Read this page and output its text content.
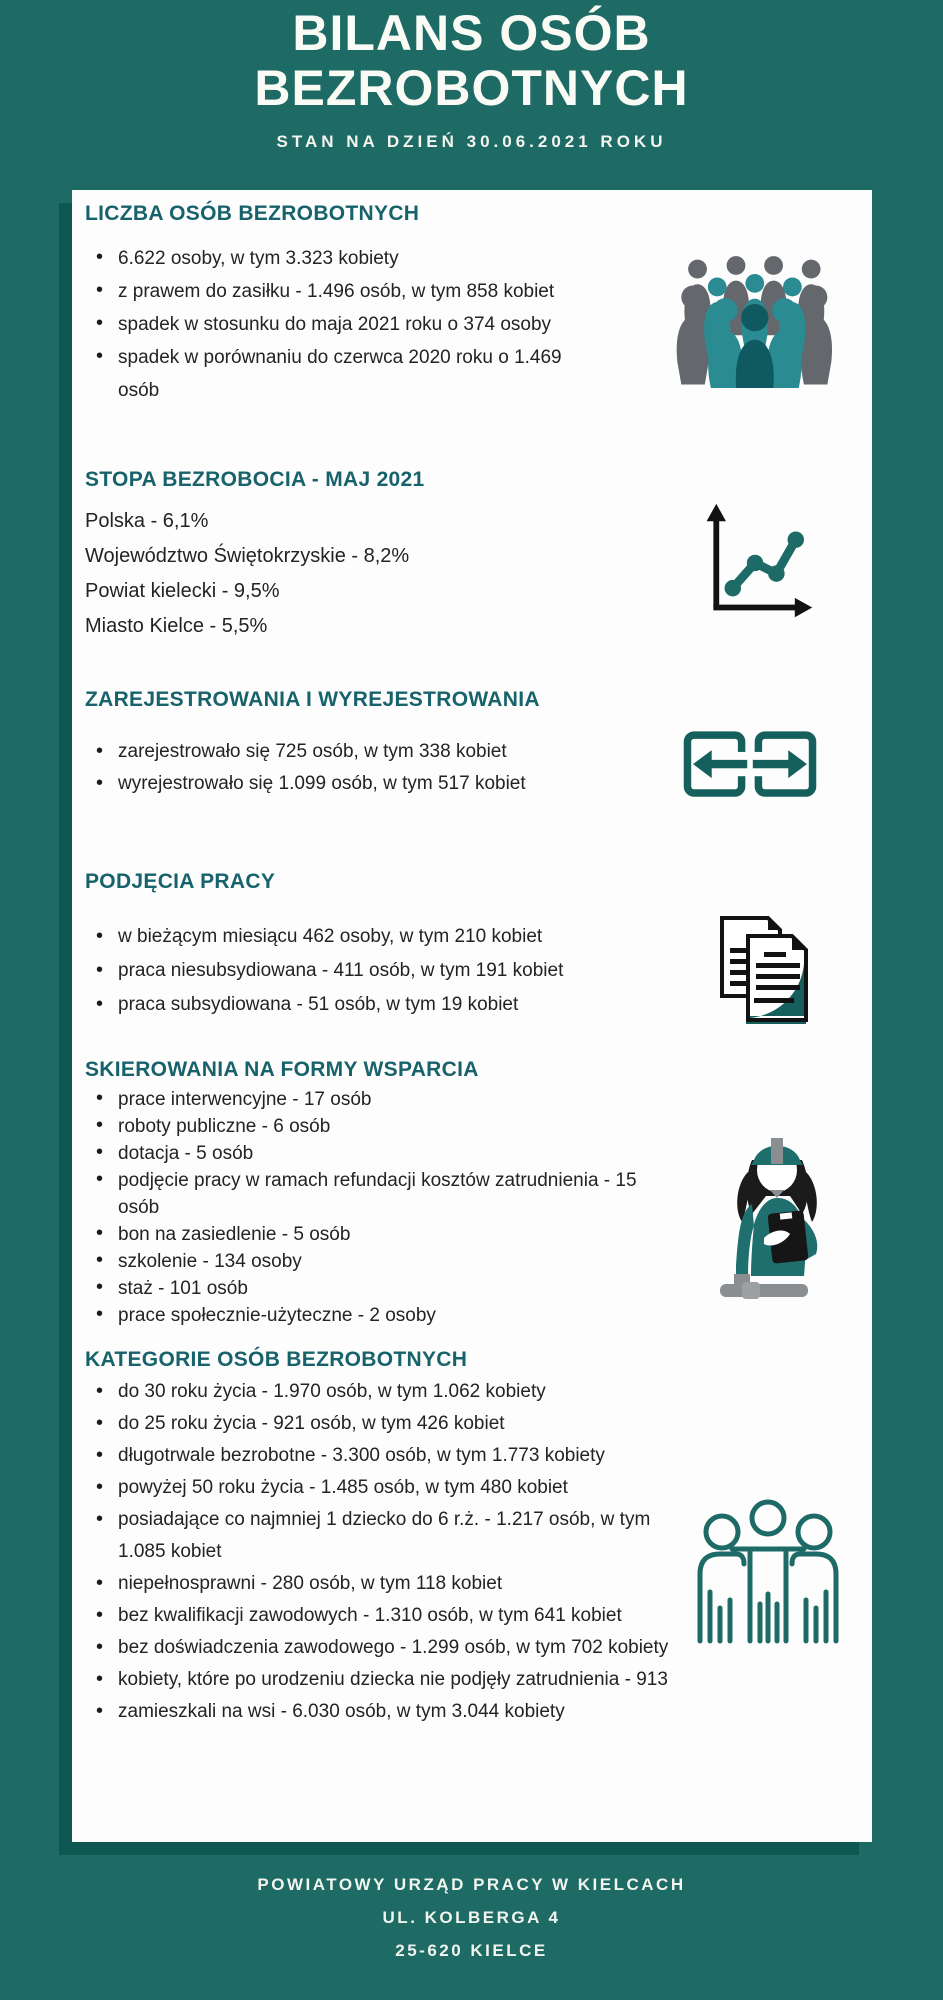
BILANS OSÓB
BEZROBOTNYCH
STAN NA DZIEŃ 30.06.2021 ROKU
LICZBA OSÓB BEZROBOTNYCH
• 6.622 osoby, w tym 3.323 kobiety
• z prawem do zasiłku - 1.496 osób, w tym 858 kobiet
• spadek w stosunku do maja 2021 roku o 374 osoby
• spadek w porównaniu do czerwca 2020 roku o 1.469 osób
STOPA BEZROBOCIA - MAJ 2021
Polska - 6,1%
Województwo Świętokrzyskie - 8,2%
Powiat kielecki - 9,5%
Miasto Kielce - 5,5%
ZAREJESTROWANIA I WYREJESTROWANIA
• zarejestrowało się 725 osób, w tym 338 kobiet
• wyrejestrowało się 1.099 osób, w tym 517 kobiet
PODJĘCIA PRACY
• w bieżącym miesiącu 462 osoby, w tym 210 kobiet
• praca niesubsydiowana - 411 osób, w tym 191 kobiet
• praca subsydiowana - 51 osób, w tym 19 kobiet
SKIEROWANIA NA FORMY WSPARCIA
• prace interwencyjne - 17 osób
• roboty publiczne - 6 osób
• dotacja - 5 osób
• podjęcie pracy w ramach refundacji kosztów zatrudnienia - 15 osób
• bon na zasiedlenie - 5 osób
• szkolenie - 134 osoby
• staż - 101 osób
• prace społecznie-użyteczne - 2 osoby
KATEGORIE OSÓB BEZROBOTNYCH
• do 30 roku życia - 1.970 osób, w tym 1.062 kobiety
• do 25 roku życia - 921 osób, w tym 426 kobiet
• długotrwale bezrobotne - 3.300 osób, w tym 1.773 kobiety
• powyżej 50 roku życia - 1.485 osób, w tym 480 kobiet
• posiadające co najmniej 1 dziecko do 6 r.ż. - 1.217 osób, w tym 1.085 kobiet
• niepełnosprawni - 280 osób, w tym 118 kobiet
• bez kwalifikacji zawodowych - 1.310 osób, w tym 641 kobiet
• bez doświadczenia zawodowego - 1.299 osób, w tym 702 kobiety
• kobiety, które po urodzeniu dziecka nie podjęły zatrudnienia - 913
• zamieszkali na wsi - 6.030 osób, w tym 3.044 kobiety
POWIATOWY URZĄD PRACY W KIELCACH
UL. KOLBERGA 4
25-620 KIELCE
